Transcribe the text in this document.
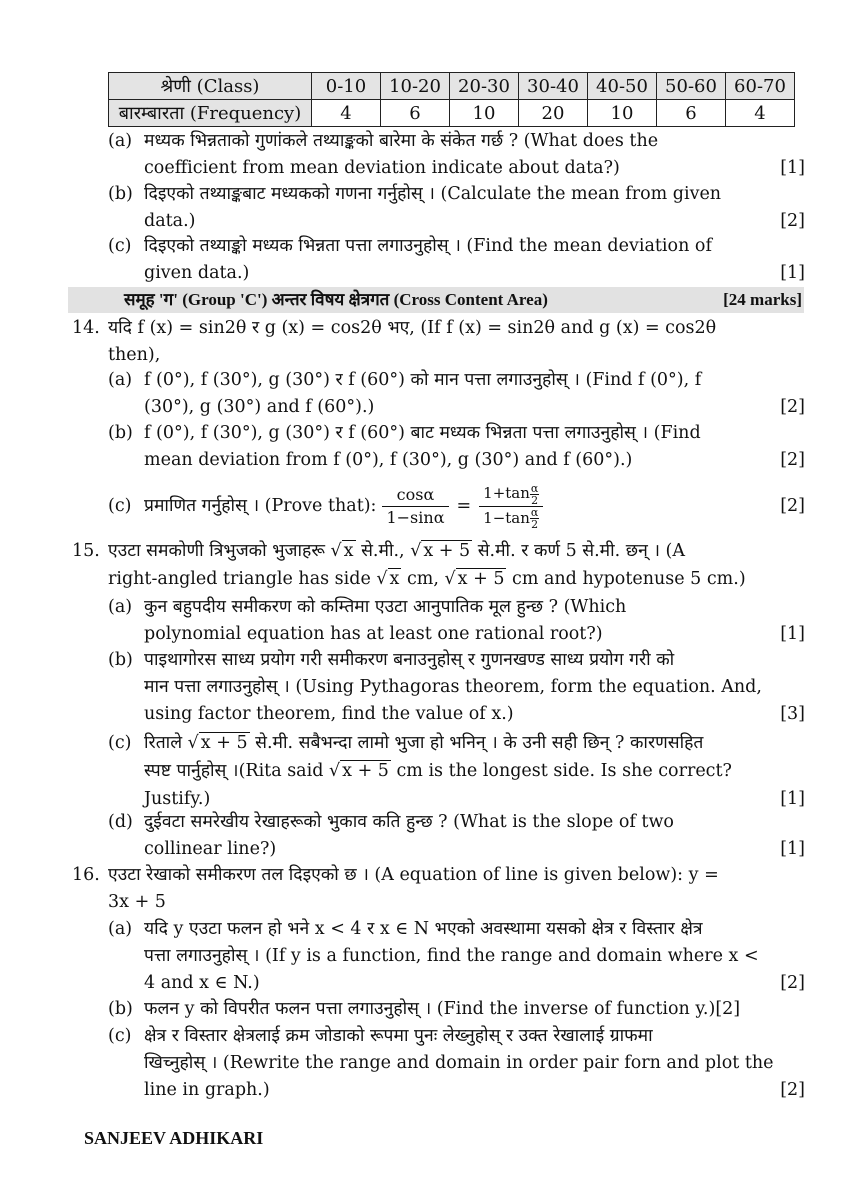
श्रेणी (Class)	0-10	10-20	20-30	30-40	40-50	50-60	60-70
बारम्बारता (Frequency)	4	6	10	20	10	6	4
(a) मध्यक भिन्नताको गुणांकले तथ्याङ्कको बारेमा के संकेत गर्छ ? (What does the
coefficient from mean deviation indicate about data?)	[1]
(b) दिइएको तथ्याङ्कबाट मध्यकको गणना गर्नुहोस् । (Calculate the mean from given
data.)	[2]
(c) दिइएको तथ्याङ्को मध्यक भिन्नता पत्ता लगाउनुहोस् । (Find the mean deviation of
given data.)	[1]
समूह 'ग' (Group 'C') अन्तर विषय क्षेत्रगत (Cross Content Area)	[24 marks]
14. यदि f (x) = sin2θ र g (x) = cos2θ भए, (If f (x) = sin2θ and g (x) = cos2θ
then),
(a) f (0°), f (30°), g (30°) र f (60°) को मान पत्ता लगाउनुहोस् । (Find f (0°), f
(30°), g (30°) and f (60°).)	[2]
(b) f (0°), f (30°), g (30°) र f (60°) बाट मध्यक भिन्नता पत्ता लगाउनुहोस् । (Find
mean deviation from f (0°), f (30°), g (30°) and f (60°).)	[2]
(c) प्रमाणित गर्नुहोस् । (Prove that): $\frac{\cos\alpha}{1-\sin\alpha} = \frac{1+\tan \frac{\alpha}{2}}{1-\tan \frac{\alpha}{2}}$	[2]
15. एउटा समकोणी त्रिभुजको भुजाहरू √ x से.मी., √ x + 5 से.मी. र कर्ण 5 से.मी. छन् । (A
right-angled triangle has side √ x cm, √ x + 5 cm and hypotenuse 5 cm.)
(a) कुन बहुपदीय समीकरण को कम्तिमा एउटा आनुपातिक मूल हुन्छ ? (Which
polynomial equation has at least one rational root?)	[1]
(b) पाइथागोरस साध्य प्रयोग गरी समीकरण बनाउनुहोस् र गुणनखण्ड साध्य प्रयोग गरी को
मान पत्ता लगाउनुहोस् । (Using Pythagoras theorem, form the equation. And,
using factor theorem, find the value of x.)	[3]
(c) रिताले √ x + 5 से.मी. सबैभन्दा लामो भुजा हो भनिन् । के उनी सही छिन् ? कारणसहित
स्पष्ट पार्नुहोस् ।(Rita said √ x + 5 cm is the longest side. Is she correct?
Justify.)	[1]
(d) दुईवटा समरेखीय रेखाहरूको भुकाव कति हुन्छ ? (What is the slope of two
collinear line?)	[1]
16. एउटा रेखाको समीकरण तल दिइएको छ । (A equation of line is given below): y =
3x + 5
(a) यदि y एउटा फलन हो भने x < 4 र x ∈ N भएको अवस्थामा यसको क्षेत्र र विस्तार क्षेत्र
पत्ता लगाउनुहोस् । (If y is a function, find the range and domain where x <
4 and x ∈ N.)	[2]
(b) फलन y को विपरीत फलन पत्ता लगाउनुहोस् । (Find the inverse of function y.)[2]
(c) क्षेत्र र विस्तार क्षेत्रलाई क्रम जोडाको रूपमा पुनः लेख्नुहोस् र उक्त रेखालाई ग्राफमा
खिच्नुहोस् । (Rewrite the range and domain in order pair forn and plot the
line in graph.)	[2]
SANJEEV ADHIKARI
